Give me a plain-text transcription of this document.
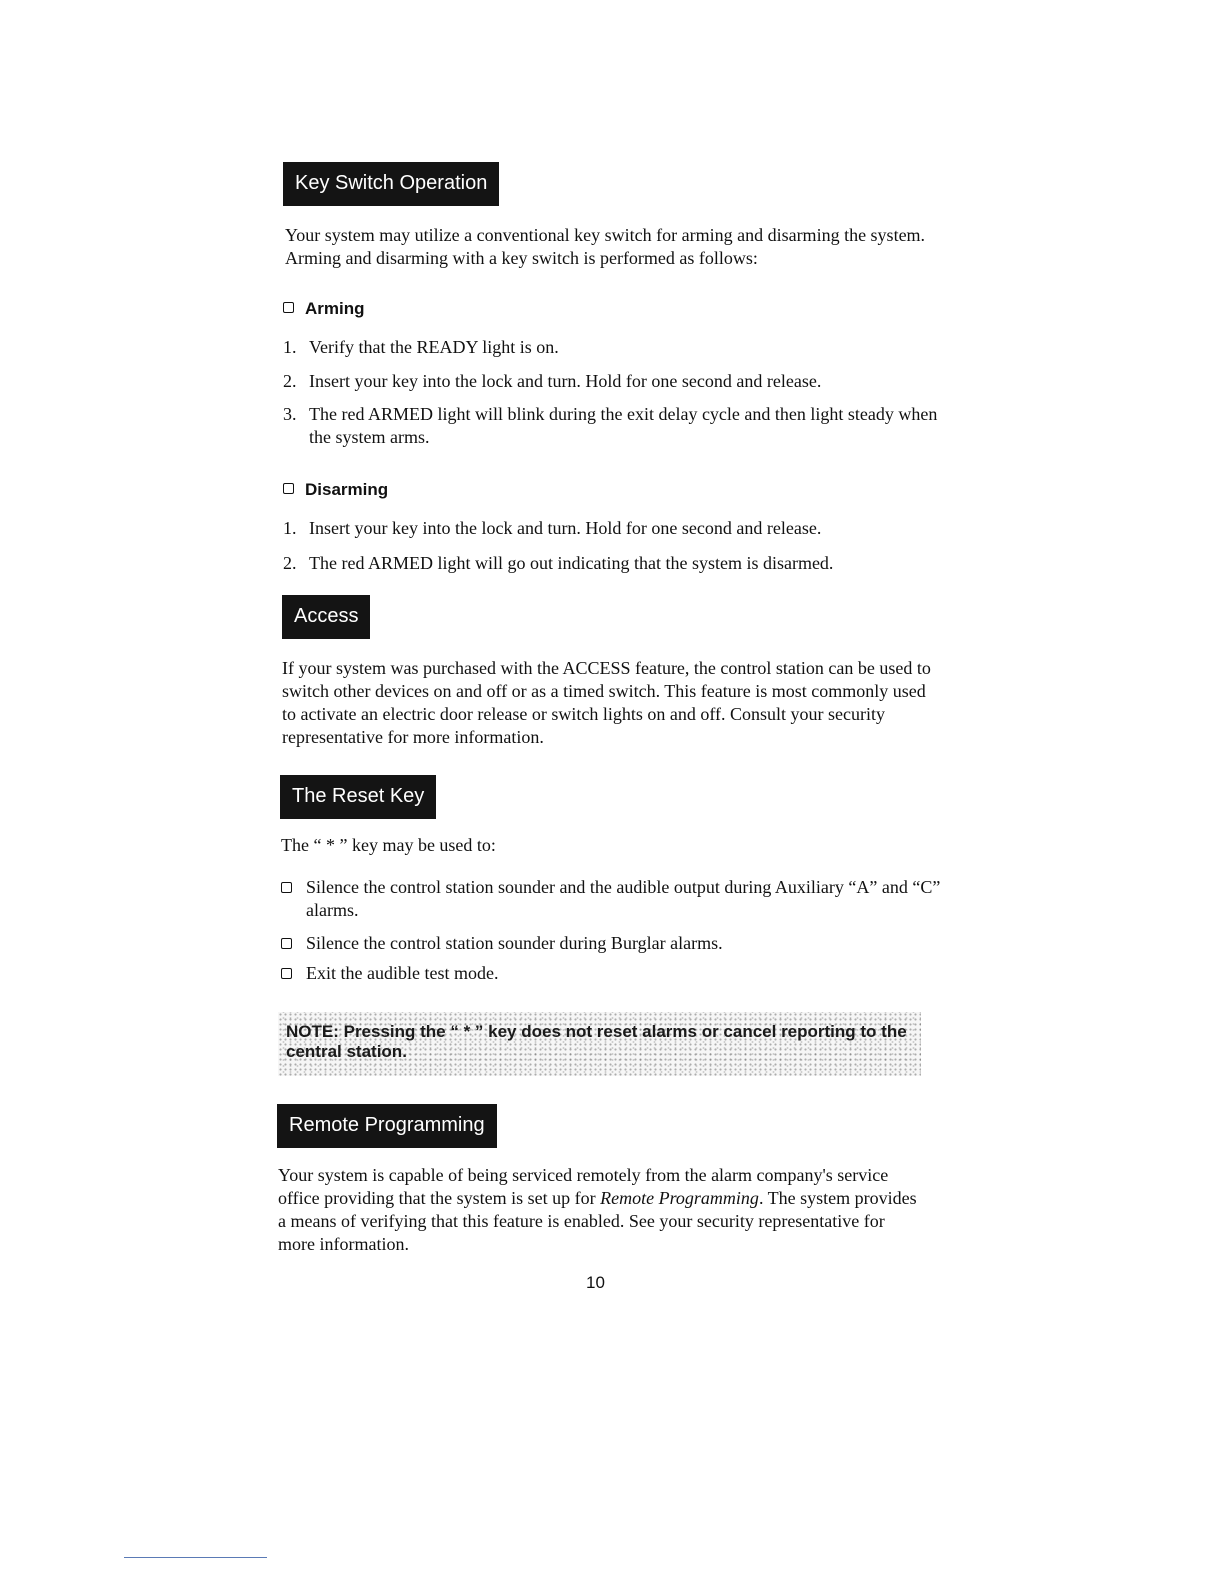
Key Switch Operation

Your system may utilize a conventional key switch for arming and disarming the system. Arming and disarming with a key switch is performed as follows:

Arming
1. Verify that the READY light is on.
2. Insert your key into the lock and turn. Hold for one second and release.
3. The red ARMED light will blink during the exit delay cycle and then light steady when the system arms.
Disarming
1. Insert your key into the lock and turn. Hold for one second and release.
2. The red ARMED light will go out indicating that the system is disarmed.
Access

If your system was purchased with the ACCESS feature, the control station can be used to switch other devices on and off or as a timed switch. This feature is most commonly used to activate an electric door release or switch lights on and off. Consult your security representative for more information.

The Reset Key

The “ * ” key may be used to:

Silence the control station sounder and the audible output during Auxiliary “A” and “C” alarms.
Silence the control station sounder during Burglar alarms.
Exit the audible test mode.
NOTE: Pressing the “ * ” key does not reset alarms or cancel reporting to the central station.
Remote Programming

Your system is capable of being serviced remotely from the alarm company's service office providing that the system is set up for Remote Programming. The system provides a means of verifying that this feature is enabled. See your security representative for more information.

10
